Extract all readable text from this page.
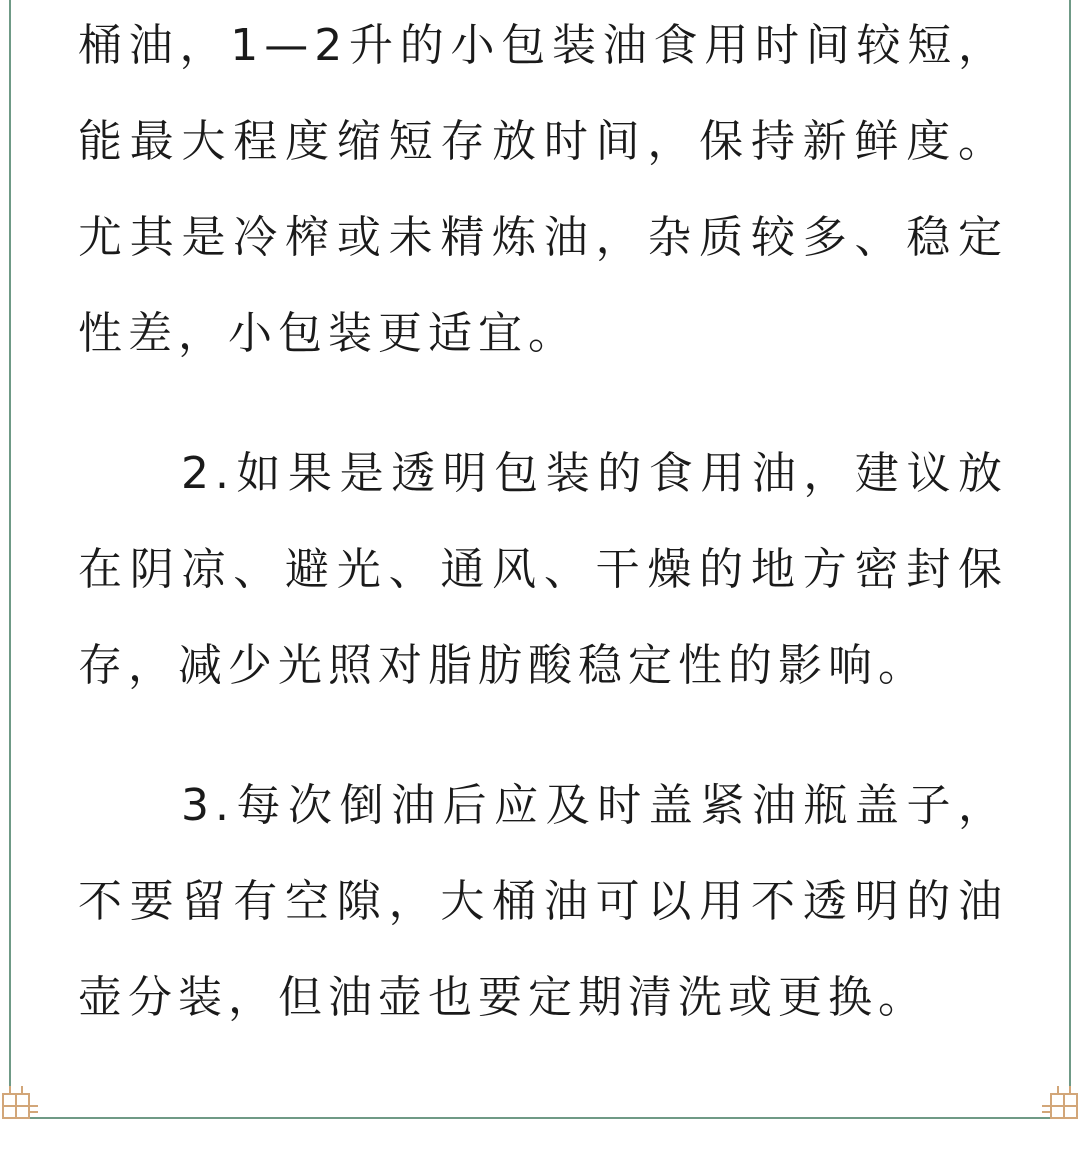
桶油，1—2升的小包装油食用时间较短，能最大程度缩短存放时间，保持新鲜度。尤其是冷榨或未精炼油，杂质较多、稳定性差，小包装更适宜。

2.如果是透明包装的食用油，建议放在阴凉、避光、通风、干燥的地方密封保存，减少光照对脂肪酸稳定性的影响。

3.每次倒油后应及时盖紧油瓶盖子，不要留有空隙，大桶油可以用不透明的油壶分装，但油壶也要定期清洗或更换。
